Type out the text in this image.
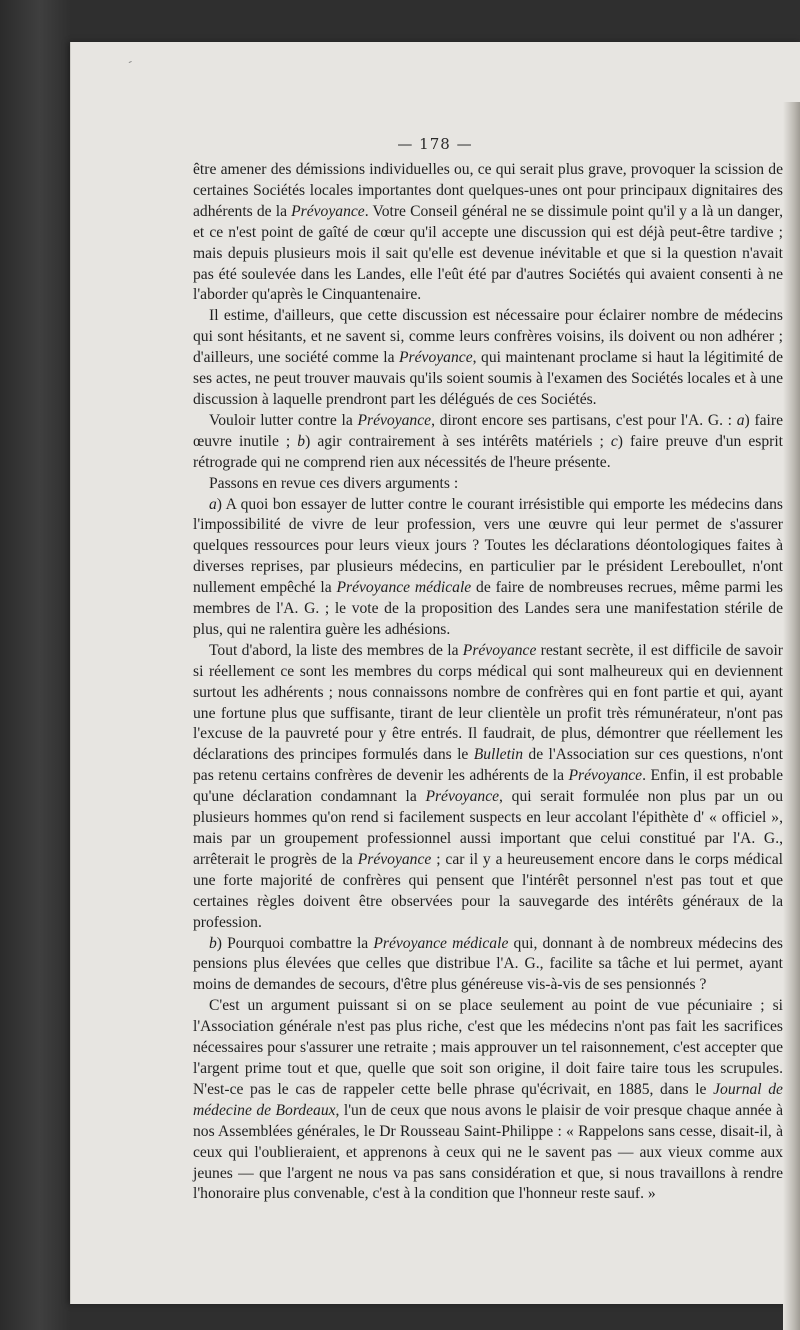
-
— 178 —

être amener des démissions individuelles ou, ce qui serait plus grave, provoquer la scission de certaines Sociétés locales importantes dont quelques-unes ont pour principaux dignitaires des adhérents de la Prévoyance. Votre Conseil général ne se dissimule point qu'il y a là un danger, et ce n'est point de gaîté de cœur qu'il accepte une discussion qui est déjà peut-être tardive ; mais depuis plusieurs mois il sait qu'elle est devenue inévitable et que si la question n'avait pas été soulevée dans les Landes, elle l'eût été par d'autres Sociétés qui avaient consenti à ne l'aborder qu'après le Cinquantenaire.

Il estime, d'ailleurs, que cette discussion est nécessaire pour éclairer nombre de médecins qui sont hésitants, et ne savent si, comme leurs confrères voisins, ils doivent ou non adhérer ; d'ailleurs, une société comme la Prévoyance, qui maintenant proclame si haut la légitimité de ses actes, ne peut trouver mauvais qu'ils soient soumis à l'examen des Sociétés locales et à une discussion à laquelle prendront part les délégués de ces Sociétés.

Vouloir lutter contre la Prévoyance, diront encore ses partisans, c'est pour l'A. G. : a) faire œuvre inutile ; b) agir contrairement à ses intérêts matériels ; c) faire preuve d'un esprit rétrograde qui ne comprend rien aux nécessités de l'heure présente.

Passons en revue ces divers arguments :

a) A quoi bon essayer de lutter contre le courant irrésistible qui emporte les médecins dans l'impossibilité de vivre de leur profession, vers une œuvre qui leur permet de s'assurer quelques ressources pour leurs vieux jours ? Toutes les déclarations déontologiques faites à diverses reprises, par plusieurs médecins, en particulier par le président Lereboullet, n'ont nullement empêché la Prévoyance médicale de faire de nombreuses recrues, même parmi les membres de l'A. G. ; le vote de la proposition des Landes sera une manifestation stérile de plus, qui ne ralentira guère les adhésions.

Tout d'abord, la liste des membres de la Prévoyance restant secrète, il est difficile de savoir si réellement ce sont les membres du corps médical qui sont malheureux qui en deviennent surtout les adhérents ; nous connaissons nombre de confrères qui en font partie et qui, ayant une fortune plus que suffisante, tirant de leur clientèle un profit très rémunérateur, n'ont pas l'excuse de la pauvreté pour y être entrés. Il faudrait, de plus, démontrer que réellement les déclarations des principes formulés dans le Bulletin de l'Association sur ces questions, n'ont pas retenu certains confrères de devenir les adhérents de la Prévoyance. Enfin, il est probable qu'une déclaration condamnant la Prévoyance, qui serait formulée non plus par un ou plusieurs hommes qu'on rend si facilement suspects en leur accolant l'épithète d' « officiel », mais par un groupement professionnel aussi important que celui constitué par l'A. G., arrêterait le progrès de la Prévoyance ; car il y a heureusement encore dans le corps médical une forte majorité de confrères qui pensent que l'intérêt personnel n'est pas tout et que certaines règles doivent être observées pour la sauvegarde des intérêts généraux de la profession.

b) Pourquoi combattre la Prévoyance médicale qui, donnant à de nombreux médecins des pensions plus élevées que celles que distribue l'A. G., facilite sa tâche et lui permet, ayant moins de demandes de secours, d'être plus généreuse vis-à-vis de ses pensionnés ?

C'est un argument puissant si on se place seulement au point de vue pécuniaire ; si l'Association générale n'est pas plus riche, c'est que les médecins n'ont pas fait les sacrifices nécessaires pour s'assurer une retraite ; mais approuver un tel raisonnement, c'est accepter que l'argent prime tout et que, quelle que soit son origine, il doit faire taire tous les scrupules. N'est-ce pas le cas de rappeler cette belle phrase qu'écrivait, en 1885, dans le Journal de médecine de Bordeaux, l'un de ceux que nous avons le plaisir de voir presque chaque année à nos Assemblées générales, le Dr Rousseau Saint-Philippe : « Rappelons sans cesse, disait-il, à ceux qui l'oublieraient, et apprenons à ceux qui ne le savent pas — aux vieux comme aux jeunes — que l'argent ne nous va pas sans considération et que, si nous travaillons à rendre l'honoraire plus convenable, c'est à la condition que l'honneur reste sauf. »
